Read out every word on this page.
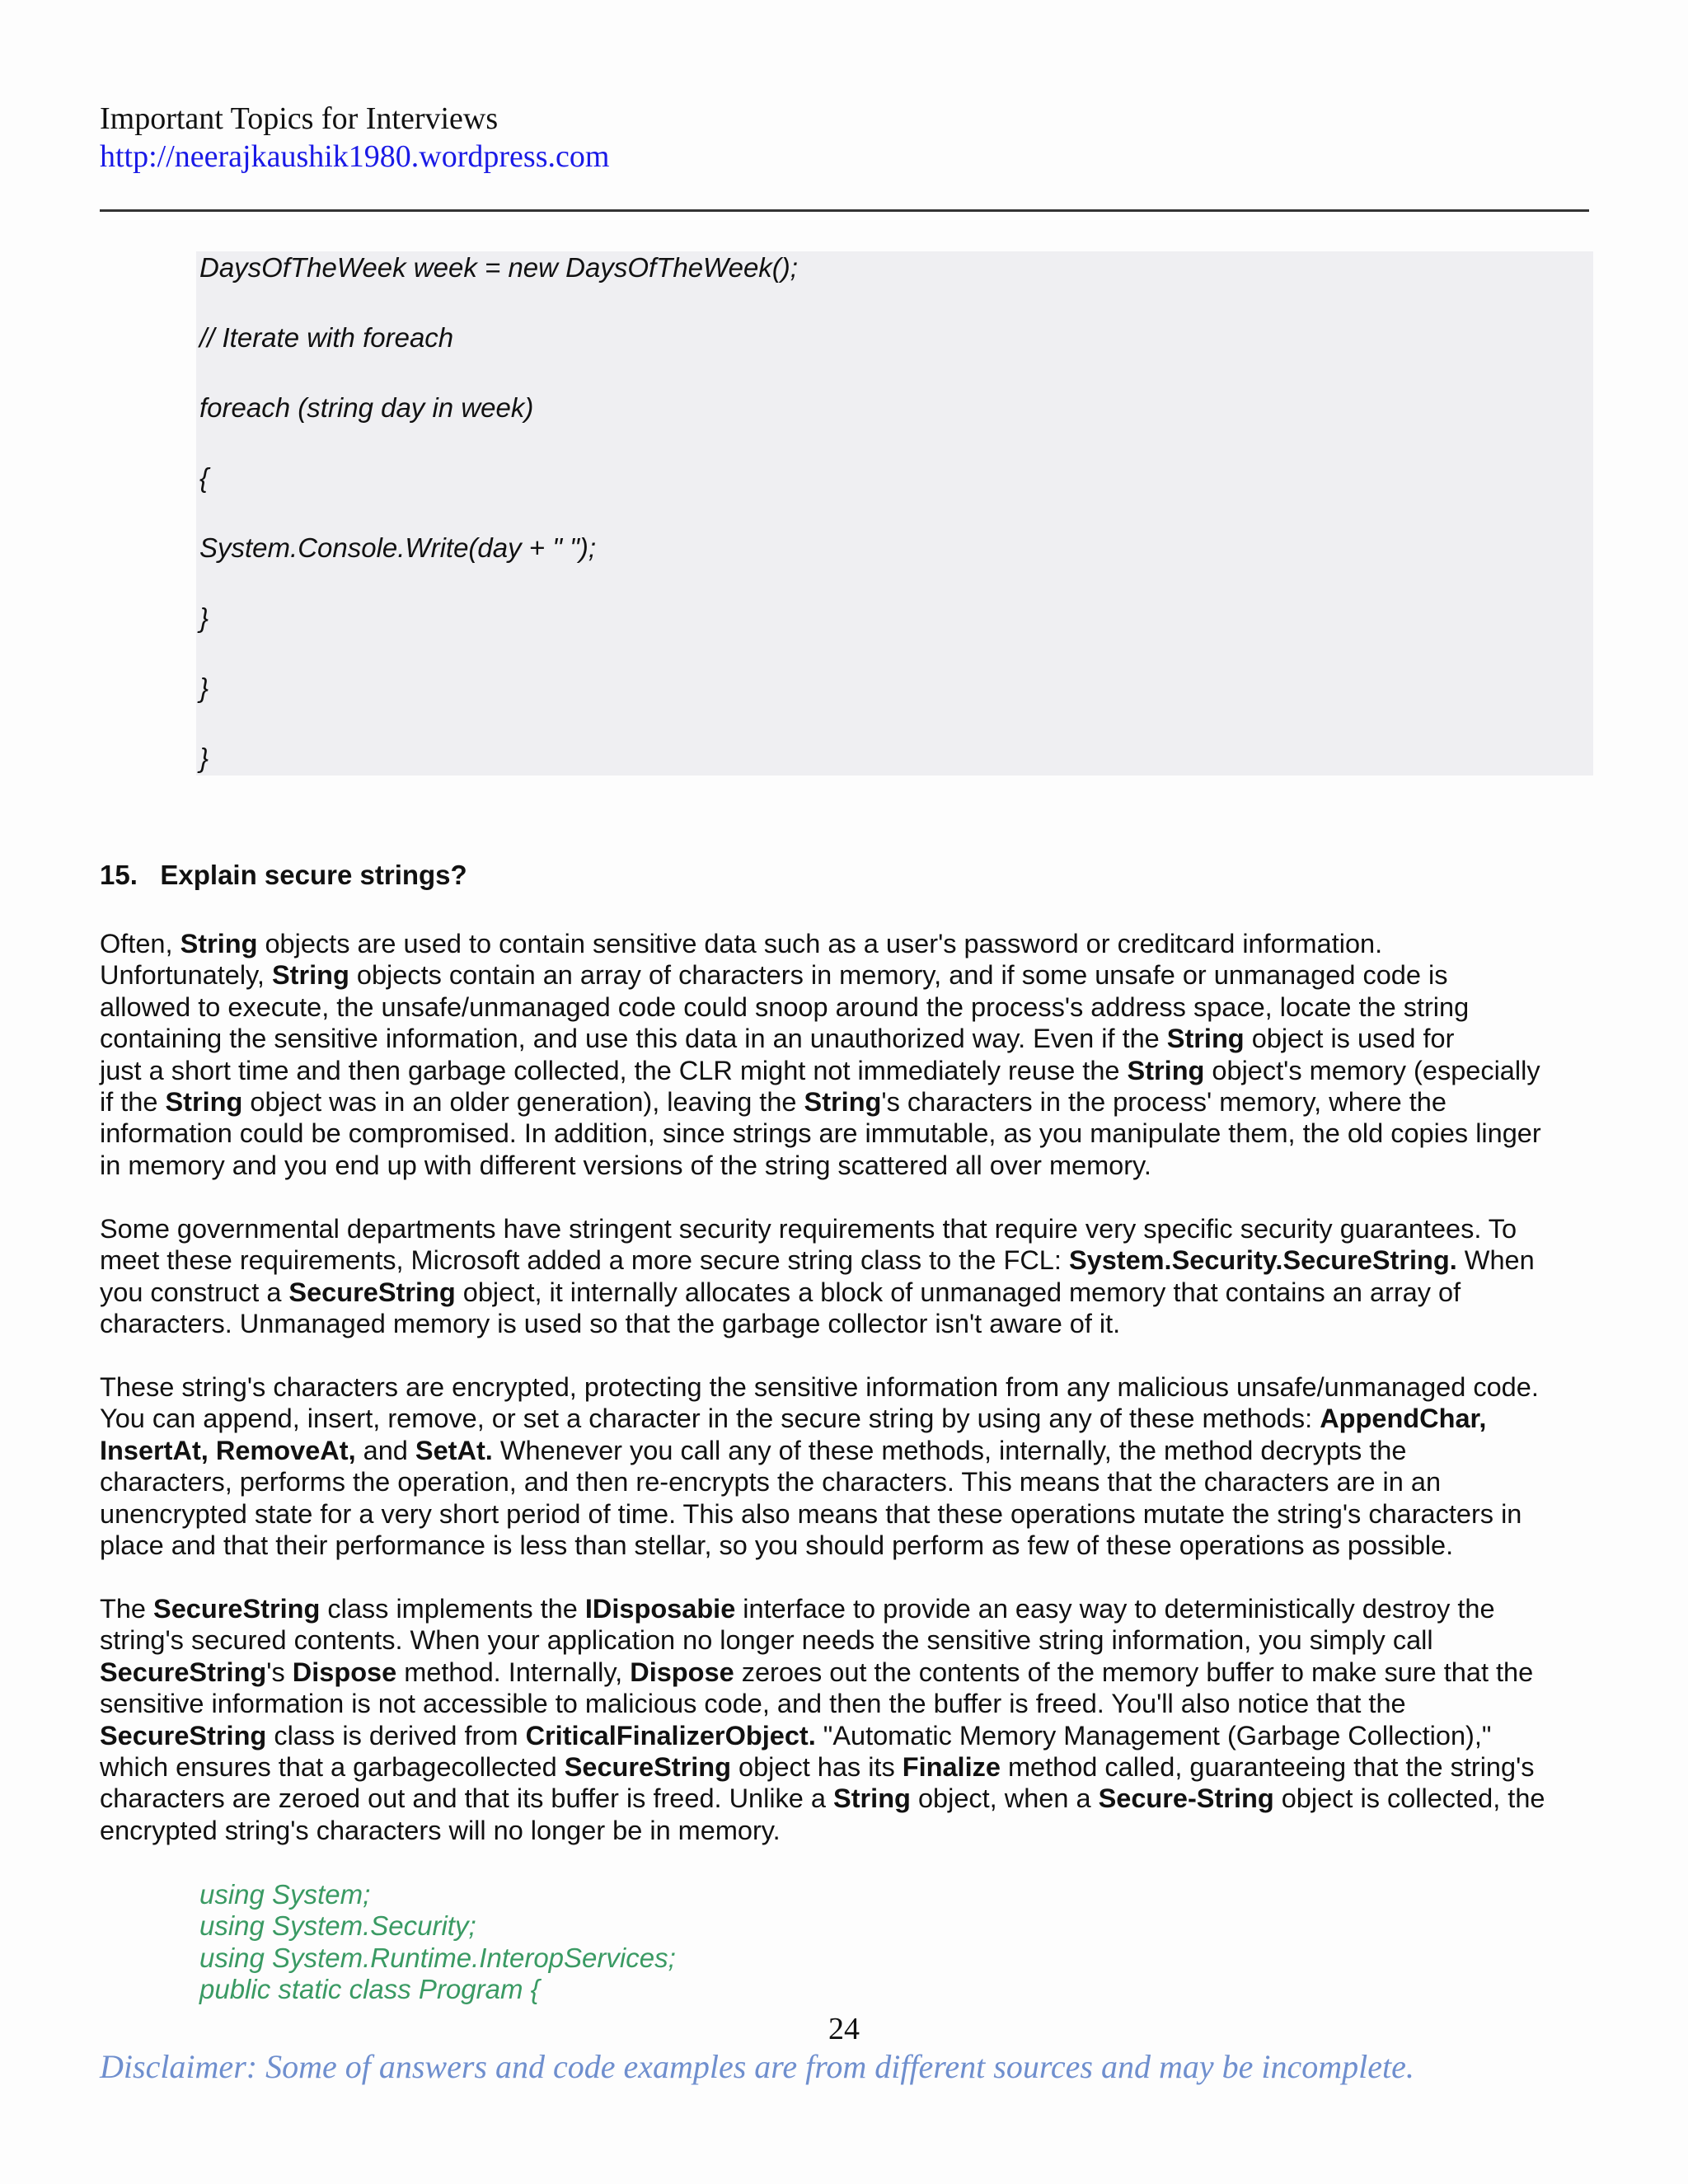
Important Topics for Interviews
http://neerajkaushik1980.wordpress.com
DaysOfTheWeek week = new DaysOfTheWeek();
// Iterate with foreach
foreach (string day in week)
{
System.Console.Write(day + " ");
}
}
}
15. Explain secure strings?
Often, String objects are used to contain sensitive data such as a user's password or creditcard information.
Unfortunately, String objects contain an array of characters in memory, and if some unsafe or unmanaged code is
allowed to execute, the unsafe/unmanaged code could snoop around the process's address space, locate the string
containing the sensitive information, and use this data in an unauthorized way. Even if the String object is used for
just a short time and then garbage collected, the CLR might not immediately reuse the String object's memory (especially
if the String object was in an older generation), leaving the String's characters in the process' memory, where the
information could be compromised. In addition, since strings are immutable, as you manipulate them, the old copies linger
in memory and you end up with different versions of the string scattered all over memory.
Some governmental departments have stringent security requirements that require very specific security guarantees. To
meet these requirements, Microsoft added a more secure string class to the FCL: System.Security.SecureString. When
you construct a SecureString object, it internally allocates a block of unmanaged memory that contains an array of
characters. Unmanaged memory is used so that the garbage collector isn't aware of it.
These string's characters are encrypted, protecting the sensitive information from any malicious unsafe/unmanaged code.
You can append, insert, remove, or set a character in the secure string by using any of these methods: AppendChar,
InsertAt, RemoveAt, and SetAt. Whenever you call any of these methods, internally, the method decrypts the
characters, performs the operation, and then re-encrypts the characters. This means that the characters are in an
unencrypted state for a very short period of time. This also means that these operations mutate the string's characters in
place and that their performance is less than stellar, so you should perform as few of these operations as possible.
The SecureString class implements the IDisposabie interface to provide an easy way to deterministically destroy the
string's secured contents. When your application no longer needs the sensitive string information, you simply call
SecureString's Dispose method. Internally, Dispose zeroes out the contents of the memory buffer to make sure that the
sensitive information is not accessible to malicious code, and then the buffer is freed. You'll also notice that the
SecureString class is derived from CriticalFinalizerObject. "Automatic Memory Management (Garbage Collection),"
which ensures that a garbagecollected SecureString object has its Finalize method called, guaranteeing that the string's
characters are zeroed out and that its buffer is freed. Unlike a String object, when a Secure-String object is collected, the
encrypted string's characters will no longer be in memory.
using System;
using System.Security;
using System.Runtime.InteropServices;
public static class Program {
24
Disclaimer: Some of answers and code examples are from different sources and may be incomplete.
